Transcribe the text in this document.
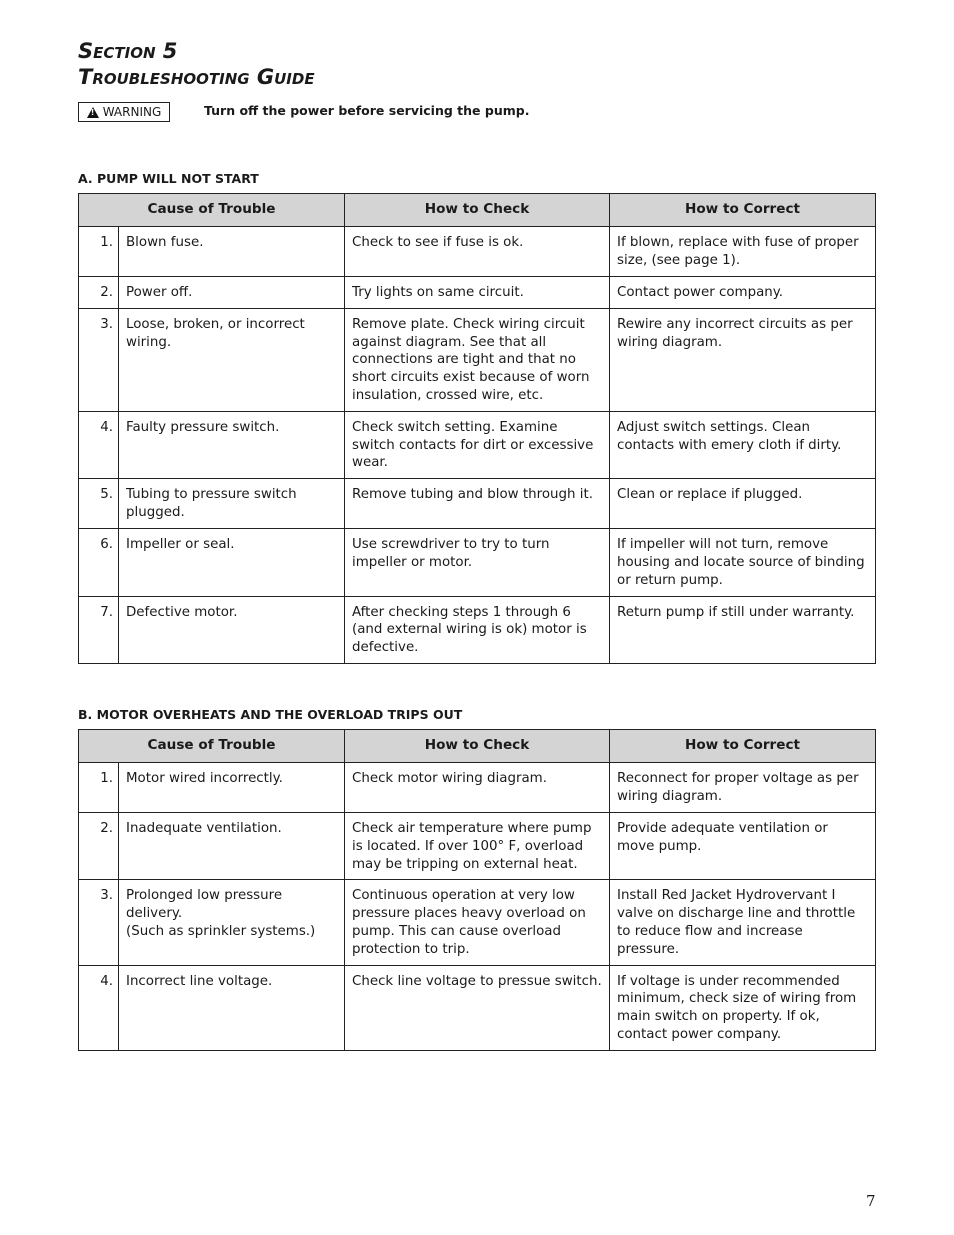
Section 5
Troubleshooting Guide
!
WARNING	Turn off the power before servicing the pump.
A. PUMP WILL NOT START
Cause of Trouble		How to Check	How to Correct
1.	Blown fuse.	Check to see if fuse is ok.	If blown, replace with fuse of proper size, (see page 1).
2.	Power off.	Try lights on same circuit.	Contact power company.
3.	Loose, broken, or incorrect wiring.	Remove plate. Check wiring circuit against diagram. See that all connections are tight and that no short circuits exist because of worn insulation, crossed wire, etc.	Rewire any incorrect circuits as per wiring diagram.
4.	Faulty pressure switch.	Check switch setting. Examine switch contacts for dirt or excessive wear.	Adjust switch settings. Clean contacts with emery cloth if dirty.
5.	Tubing to pressure switch plugged.	Remove tubing and blow through it.	Clean or replace if plugged.
6.	Impeller or seal.	Use screwdriver to try to turn impeller or motor.	If impeller will not turn, remove housing and locate source of binding or return pump.
7.	Defective motor.	After checking steps 1 through 6 (and external wiring is ok) motor is defective.	Return pump if still under warranty.
B. MOTOR OVERHEATS AND THE OVERLOAD TRIPS OUT
Cause of Trouble		How to Check	How to Correct
1.	Motor wired incorrectly.	Check motor wiring diagram.	Reconnect for proper voltage as per wiring diagram.
2.	Inadequate ventilation.	Check air temperature where pump is located. If over 100° F, overload may be tripping on external heat.	Provide adequate ventilation or move pump.
3.	Prolonged low pressure delivery.
(Such as sprinkler systems.)	Continuous operation at very low pressure places heavy overload on pump. This can cause overload protection to trip.	Install Red Jacket Hydrovervant I valve on discharge line and throttle to reduce flow and increase pressure.
4.	Incorrect line voltage.	Check line voltage to pressue switch.	If voltage is under recommended minimum, check size of wiring from main switch on property. If ok, contact power company.
7
